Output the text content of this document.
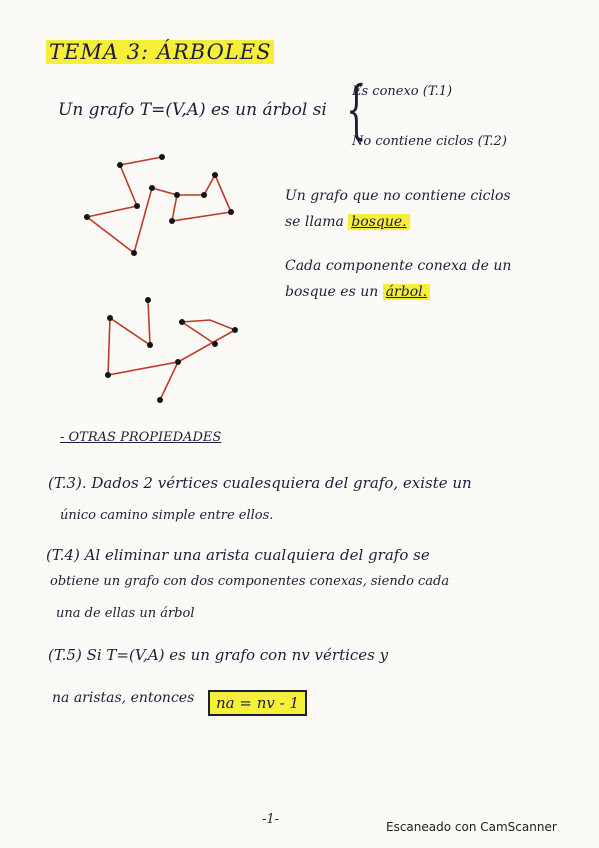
TEMA 3: ÁRBOLES
Un grafo T=(V,A) es un árbol si {
Es conexo (T.1)
No contiene ciclos (T.2)
Un grafo que no contiene ciclos
se llama bosque.
Cada componente conexa de un
bosque es un árbol.
- OTRAS PROPIEDADES
(T.3). Dados 2 vértices cualesquiera del grafo, existe un
único camino simple entre ellos.
(T.4) Al eliminar una arista cualquiera del grafo se
obtiene un grafo con dos componentes conexas, siendo cada
una de ellas un árbol
(T.5) Si T=(V,A) es un grafo con nv vértices y
na aristas, entonces	na = nv - 1
-1-	Escaneado con CamScanner
